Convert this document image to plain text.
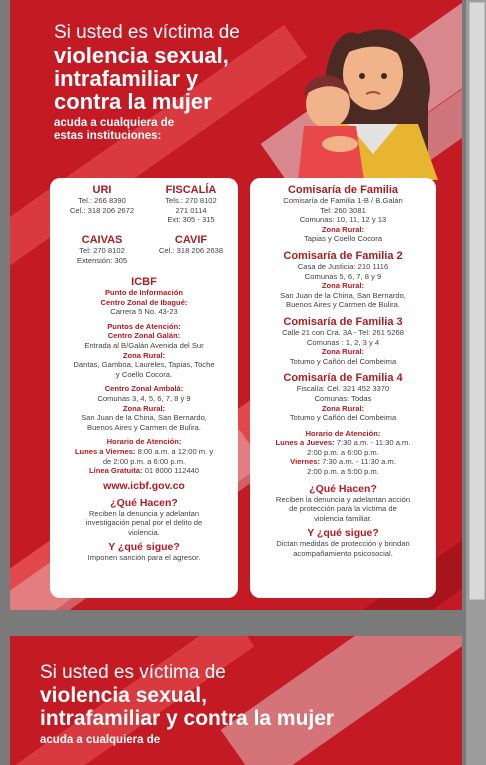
Si usted es víctima de
violencia sexual,
intrafamiliar y
contra la mujer
acuda a cualquiera de
estas instituciones:
URI
Tel.: 266 8390
Cel.: 318 206 2672
FISCALÍA
Tels.: 270 8102
271 0114
Ext: 305 - 315
CAIVAS
Tel: 270 8102
Extensión: 305
CAVIF
Cel.: 318 206 2638
ICBF
Punto de Información
Centro Zonal de Ibagué:
Carrera 5 No. 43-23
Puntos de Atención:
Centro Zonal Galán:
Entrada al B/Galán Avenida del Sur
Zona Rural:
Dantas, Gamboa, Laureles, Tapias, Toche
y Coello Cocora.
Centro Zonal Ambalá:
Comunas 3, 4, 5, 6, 7, 8 y 9
Zona Rural:
San Juan de la China, San Bernardo,
Buenos Aires y Carmen de Bulira.
Horario de Atención:
Lunes a Viernes: 8:00 a.m. a 12:00 m. y
de 2:00 p.m. a 6:00 p.m.
Línea Gratuita: 01 8000 112440
www.icbf.gov.co
¿Qué Hacen?
Reciben la denuncia y adelantan
investigación penal por el delito de
violencia.
Y ¿qué sigue?
Imponen sanción para el agresor.
Comisaría de Familia
Comisaría de Familia 1-B / B.Galán
Tel: 260 3081
Comunas: 10, 11, 12 y 13
Zona Rural:
Tapias y Coello Cocora
Comisaría de Familia 2
Casa de Justicia: 210 1116
Comunas 5, 6, 7, 8 y 9
Zona Rural:
San Juan de la China, San Bernardo,
Buenos Aires y Carmen de Bulira.
Comisaría de Familia 3
Calle 21 con Cra. 3A - Tel: 261 5268
Comunas : 1, 2, 3 y 4
Zona Rural:
Totumo y Cañón del Combeima
Comisaría de Familia 4
Fiscalía: Cel. 321 452 3370
Comunas: Todas
Zona Rural:
Totumo y Cañón del Combeima
Horario de Atención:
Lunes a Jueves: 7:30 a.m. - 11:30 a.m.
2:00 p.m. a 6:00 p.m.
Viernes: 7:30 a.m. - 11:30 a.m.
2:00 p.m. a 5:00 p.m.
¿Qué Hacen?
Reciben la denuncia y adelantan acción
de protección para la víctima de
violencia familiar.
Y ¿qué sigue?
Dictan medidas de protección y brindan
acompañamiento psicosocial.
Si usted es víctima de
violencia sexual,
intrafamiliar y contra la mujer
acuda a cualquiera de
